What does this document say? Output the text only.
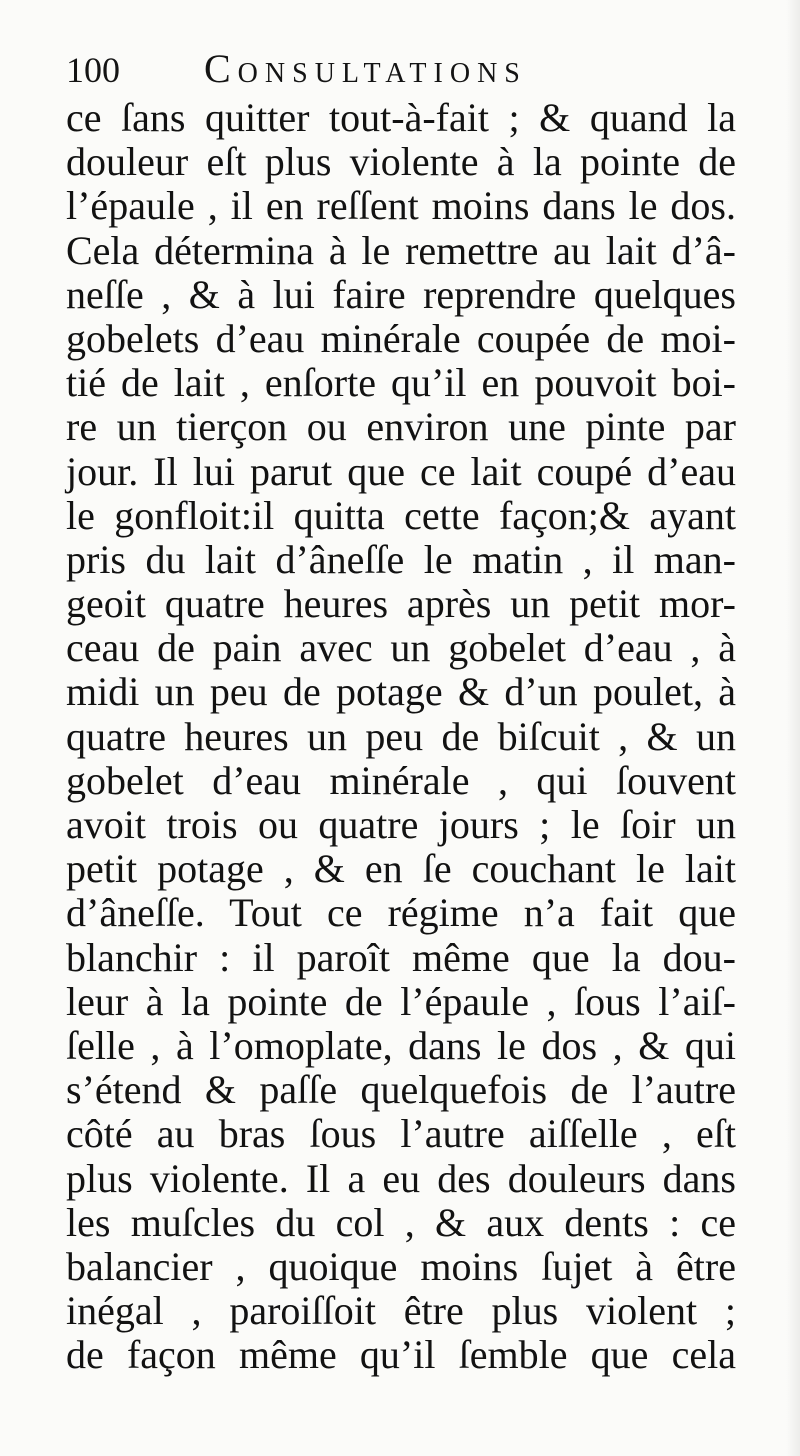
100 Consultations
ce ſans quitter tout-à-fait ; & quand la
douleur eſt plus violente à la pointe de
l’épaule , il en reſſent moins dans le dos.
Cela détermina à le remettre au lait d’â-
neſſe , & à lui faire reprendre quelques
gobelets d’eau minérale coupée de moi-
tié de lait , enſorte qu’il en pouvoit boi-
re un tierçon ou environ une pinte par
jour. Il lui parut que ce lait coupé d’eau
le gonfloit:il quitta cette façon;& ayant
pris du lait d’âneſſe le matin , il man-
geoit quatre heures après un petit mor-
ceau de pain avec un gobelet d’eau , à
midi un peu de potage & d’un poulet, à
quatre heures un peu de biſcuit , & un
gobelet d’eau minérale , qui ſouvent
avoit trois ou quatre jours ; le ſoir un
petit potage , & en ſe couchant le lait
d’âneſſe. Tout ce régime n’a fait que
blanchir : il paroît même que la dou-
leur à la pointe de l’épaule , ſous l’aiſ-
ſelle , à l’omoplate, dans le dos , & qui
s’étend & paſſe quelquefois de l’autre
côté au bras ſous l’autre aiſſelle , eſt
plus violente. Il a eu des douleurs dans
les muſcles du col , & aux dents : ce
balancier , quoique moins ſujet à être
inégal , paroiſſoit être plus violent ;
de façon même qu’il ſemble que cela
